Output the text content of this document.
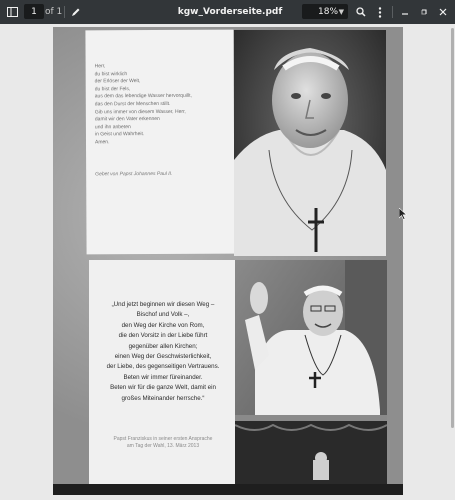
1 of 1	kgw_Vorderseite.pdf	18% ▼
Herr,
du bist wirklich
der Erlöser der Welt,
du bist der Fels,
aus dem das lebendige Wasser hervorquillt,
das den Durst der Menschen stillt.
Gib uns immer von diesem Wasser, Herr,
damit wir den Vater erkennen
und ihn anbeten
in Geist und Wahrheit.
Amen.
Gebet von Papst Johannes Paul II.
„Und jetzt beginnen wir diesen Weg –
Bischof und Volk –,
den Weg der Kirche von Rom,
die den Vorsitz in der Liebe führt
gegenüber allen Kirchen;
einen Weg der Geschwisterlichkeit,
der Liebe, des gegenseitigen Vertrauens.
Beten wir immer füreinander.
Beten wir für die ganze Welt, damit ein
großes Miteinander herrsche.“
Papst Franziskus in seiner ersten Ansprache
am Tag der Wahl, 13. März 2013
